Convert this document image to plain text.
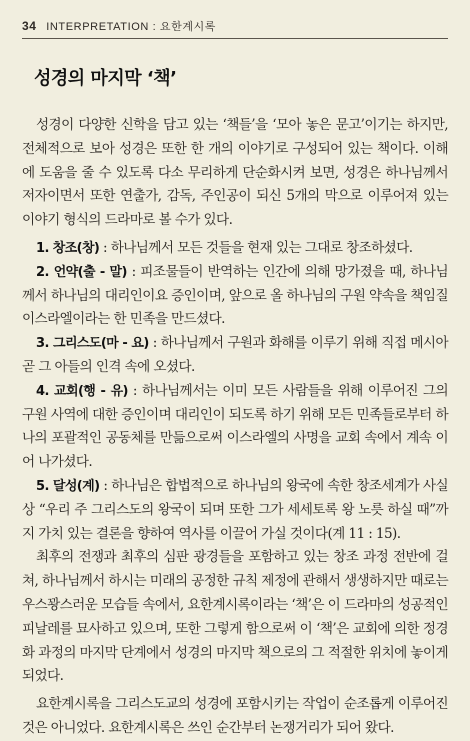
34 INTERPRETATION : 요한계시록
성경의 마지막 ‘책’

성경이 다양한 신학을 담고 있는 ‘책들’을 ‘모아 놓은 문고’이기는 하지만, 전체적으로 보아 성경은 또한 한 개의 이야기로 구성되어 있는 책이다. 이해에 도움을 줄 수 있도록 다소 무리하게 단순화시켜 보면, 성경은 하나님께서 저자이면서 또한 연출가, 감독, 주인공이 되신 5개의 막으로 이루어져 있는 이야기 형식의 드라마로 볼 수가 있다.

1. 창조(창) : 하나님께서 모든 것들을 현재 있는 그대로 창조하셨다.

2. 언약(출 - 말) : 피조물들이 반역하는 인간에 의해 망가졌을 때, 하나님께서 하나님의 대리인이요 증인이며, 앞으로 올 하나님의 구원 약속을 책임질 이스라엘이라는 한 민족을 만드셨다.

3. 그리스도(마 - 요) : 하나님께서 구원과 화해를 이루기 위해 직접 메시아 곧 그 아들의 인격 속에 오셨다.

4. 교회(행 - 유) : 하나님께서는 이미 모든 사람들을 위해 이루어진 그의 구원 사역에 대한 증인이며 대리인이 되도록 하기 위해 모든 민족들로부터 하나의 포괄적인 공동체를 만듦으로써 이스라엘의 사명을 교회 속에서 계속 이어 나가셨다.

5. 달성(계) : 하나님은 합법적으로 하나님의 왕국에 속한 창조세계가 사실상 “우리 주 그리스도의 왕국이 되며 또한 그가 세세토록 왕 노릇 하실 때”까지 가치 있는 결론을 향하여 역사를 이끌어 가실 것이다(계 11 : 15).

최후의 전쟁과 최후의 심판 광경들을 포함하고 있는 창조 과정 전반에 걸쳐, 하나님께서 하시는 미래의 공정한 규칙 제정에 관해서 생생하지만 때로는 우스꽝스러운 모습들 속에서, 요한계시록이라는 ‘책’은 이 드라마의 성공적인 피날레를 묘사하고 있으며, 또한 그렇게 함으로써 이 ‘책’은 교회에 의한 정경화 과정의 마지막 단계에서 성경의 마지막 책으로의 그 적절한 위치에 놓이게 되었다.

요한계시록을 그리스도교의 성경에 포함시키는 작업이 순조롭게 이루어진 것은 아니었다. 요한계시록은 쓰인 순간부터 논쟁거리가 되어 왔다.
